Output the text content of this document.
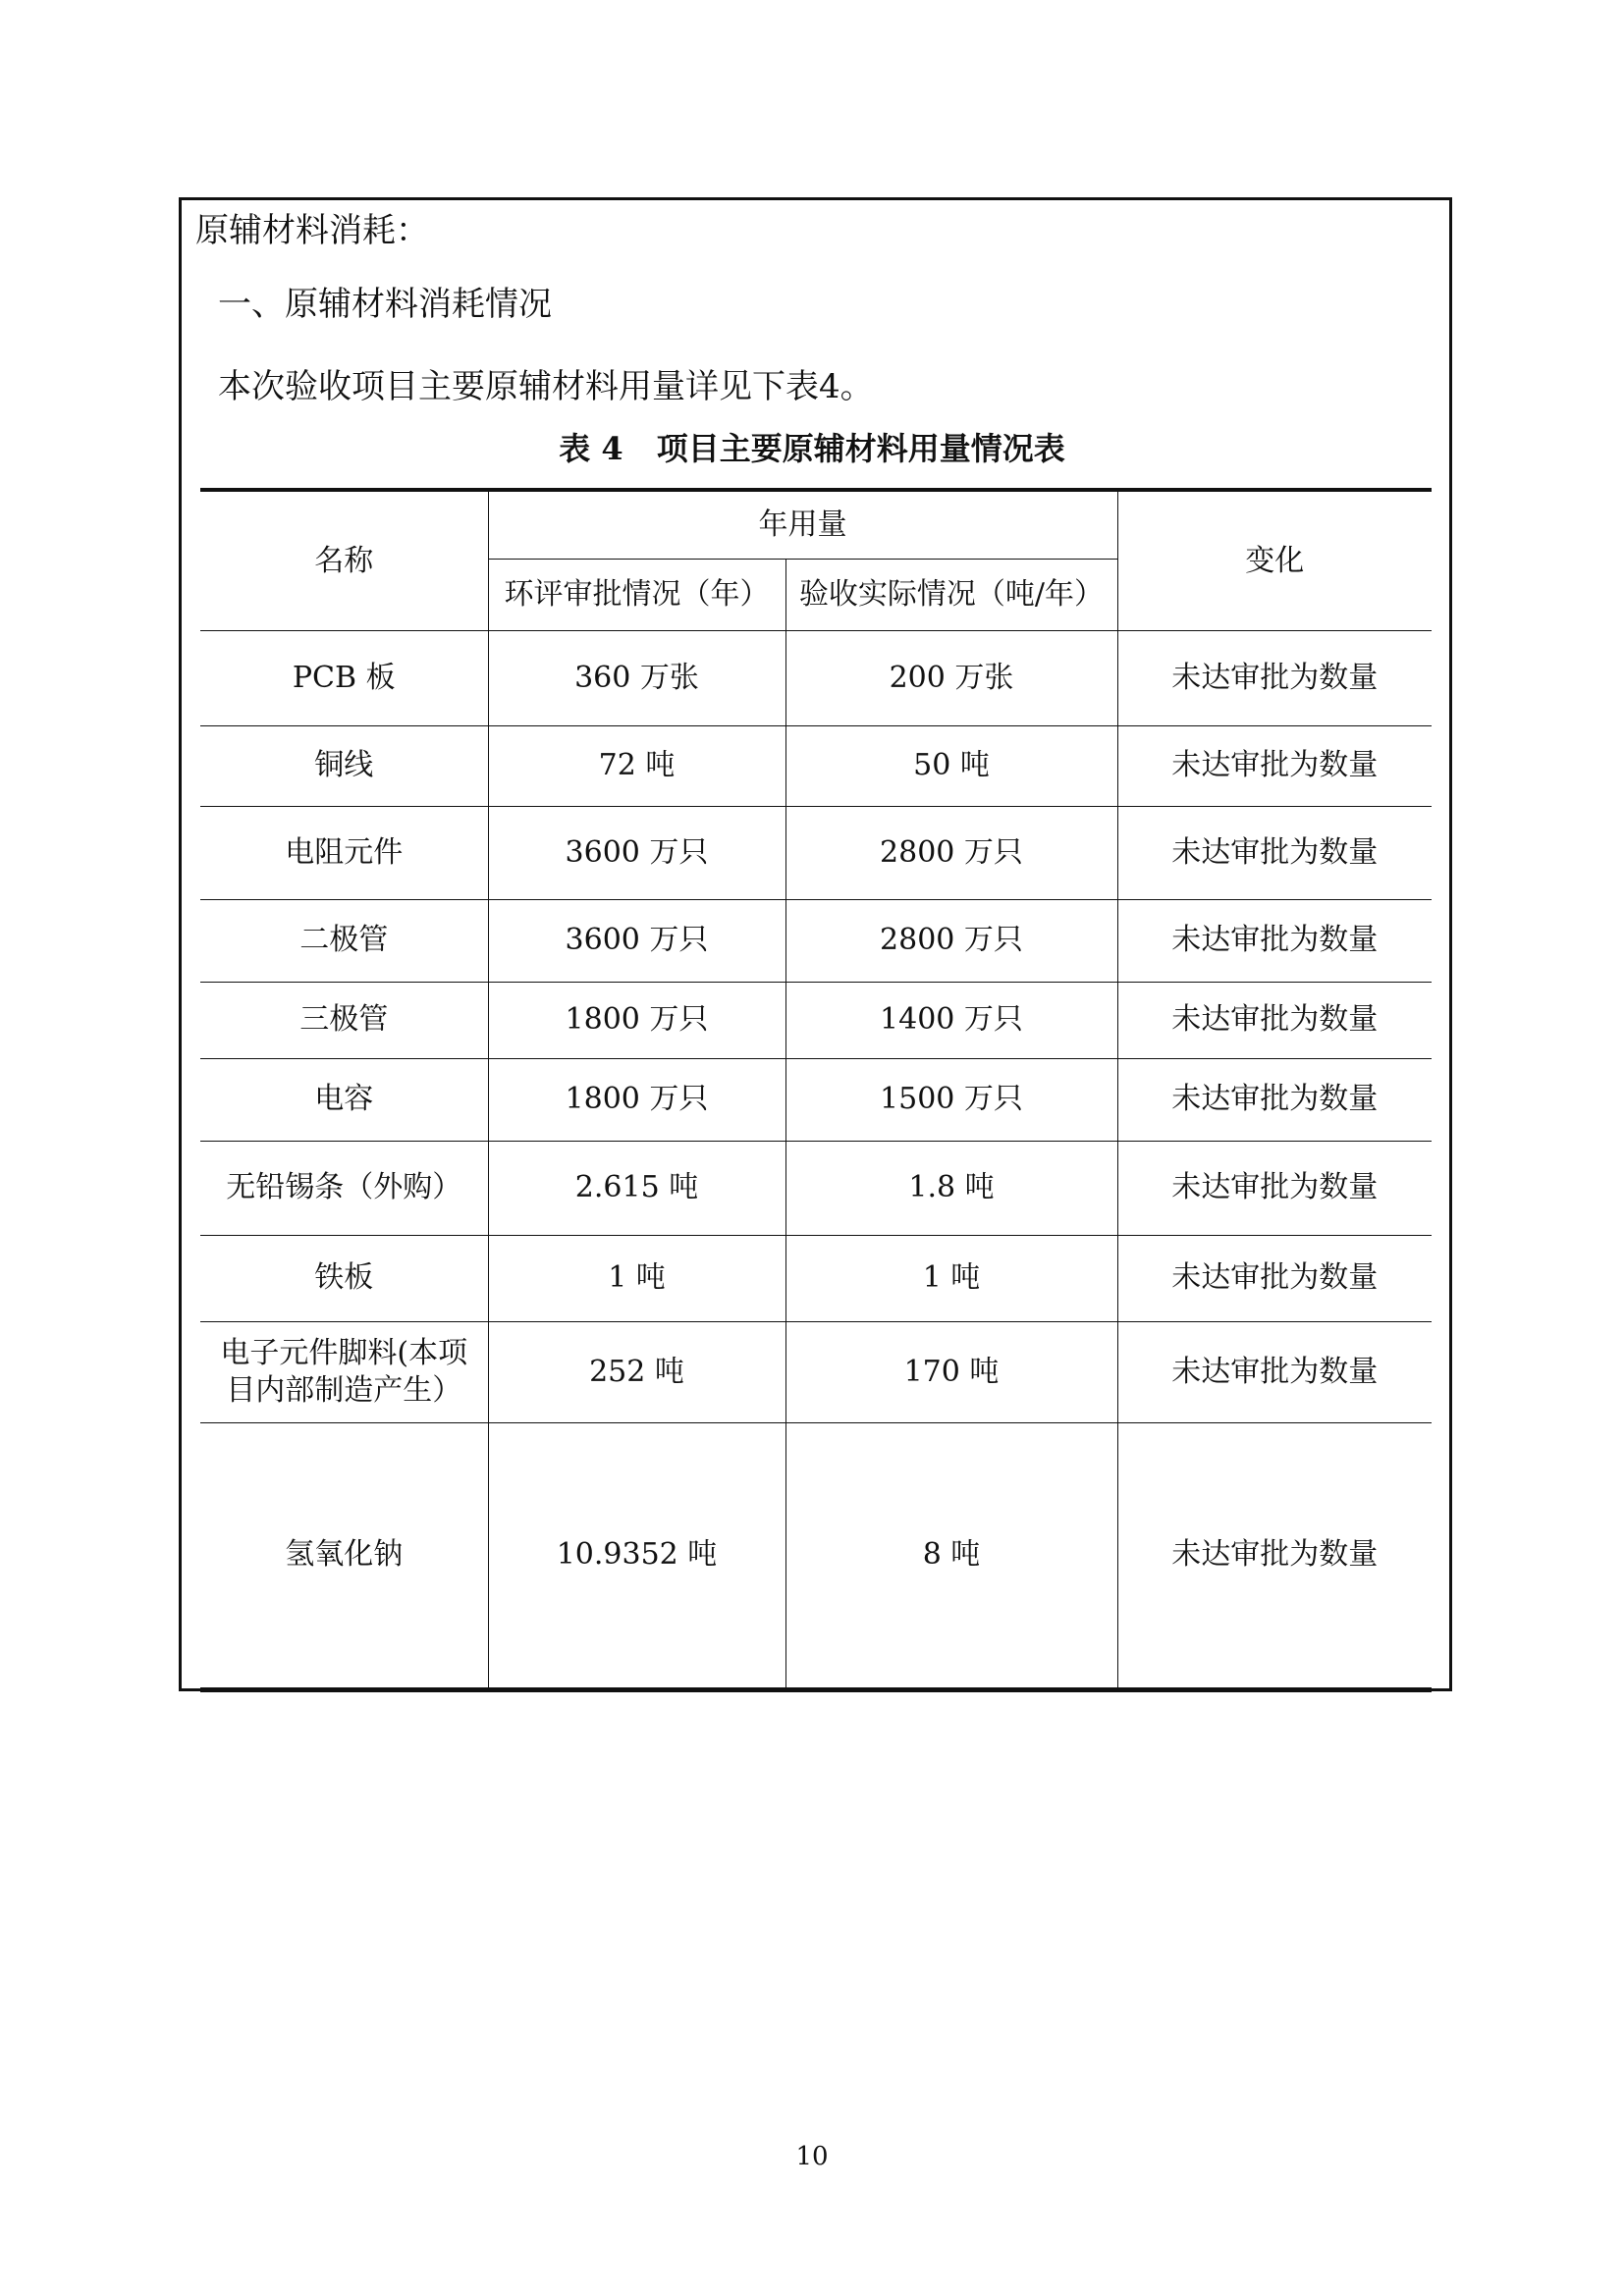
原辅材料消耗：
一、原辅材料消耗情况
本次验收项目主要原辅材料用量详见下表4。
表 4 项目主要原辅材料用量情况表
名称	年用量		变化
	环评审批情况（年）	验收实际情况（吨/年）	
PCB 板	360 万张	200 万张	未达审批为数量
铜线	72 吨	50 吨	未达审批为数量
电阻元件	3600 万只	2800 万只	未达审批为数量
二极管	3600 万只	2800 万只	未达审批为数量
三极管	1800 万只	1400 万只	未达审批为数量
电容	1800 万只	1500 万只	未达审批为数量
无铅锡条（外购）	2.615 吨	1.8 吨	未达审批为数量
铁板	1 吨	1 吨	未达审批为数量

电子元件脚料(本项
目内部制造产生）	252 吨	170 吨	未达审批为数量
氢氧化钠	10.9352 吨	8 吨	未达审批为数量
10
